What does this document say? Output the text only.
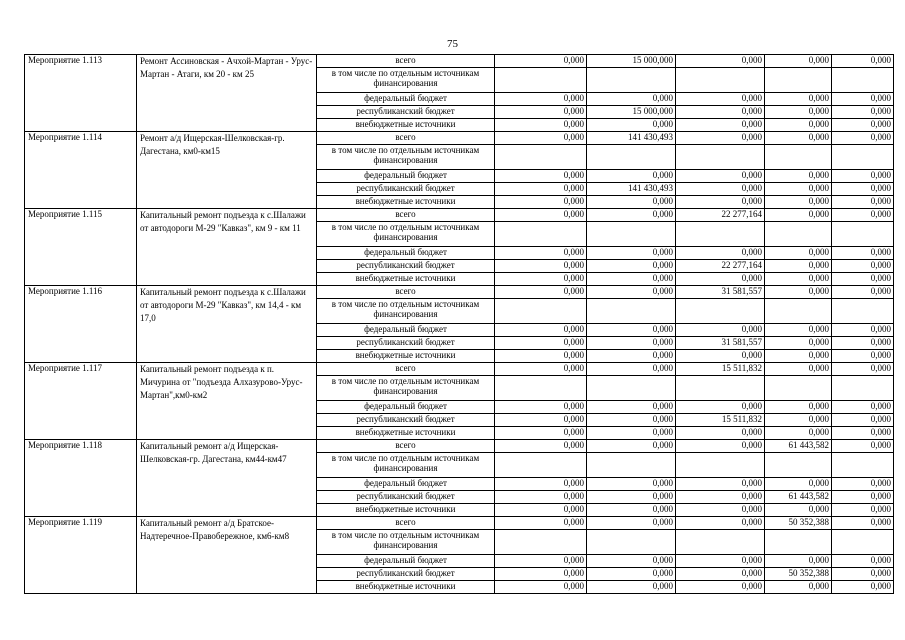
75
Мероприятие 1.113	Ремонт Ассиновская - Ачхой-Мартан - Урус-Мартан - Атаги, км 20 - км 25	всего	0,000	15 000,000	0,000	0,000	0,000
		в том числе по отдельным источникам финансирования					
		федеральный бюджет	0,000	0,000	0,000	0,000	0,000
		республиканский бюджет	0,000	15 000,000	0,000	0,000	0,000
		внебюджетные источники	0,000	0,000	0,000	0,000	0,000
Мероприятие 1.114	Ремонт а/д Ищерская-Шелковская-гр. Дагестана, км0-км15	всего	0,000	141 430,493	0,000	0,000	0,000
		в том числе по отдельным источникам финансирования					
		федеральный бюджет	0,000	0,000	0,000	0,000	0,000
		республиканский бюджет	0,000	141 430,493	0,000	0,000	0,000
		внебюджетные источники	0,000	0,000	0,000	0,000	0,000
Мероприятие 1.115	Капитальный ремонт подъезда к с.Шалажи от автодороги М-29 "Кавказ", км 9 - км 11	всего	0,000	0,000	22 277,164	0,000	0,000
		в том числе по отдельным источникам финансирования					
		федеральный бюджет	0,000	0,000	0,000	0,000	0,000
		республиканский бюджет	0,000	0,000	22 277,164	0,000	0,000
		внебюджетные источники	0,000	0,000	0,000	0,000	0,000
Мероприятие 1.116	Капитальный ремонт подъезда к с.Шалажи от автодороги М-29 "Кавказ", км 14,4 - км 17,0	всего	0,000	0,000	31 581,557	0,000	0,000
		в том числе по отдельным источникам финансирования					
		федеральный бюджет	0,000	0,000	0,000	0,000	0,000
		республиканский бюджет	0,000	0,000	31 581,557	0,000	0,000
		внебюджетные источники	0,000	0,000	0,000	0,000	0,000
Мероприятие 1.117	Капитальный ремонт подъезда к п. Мичурина от "подъезда Алхазурово-Урус-Мартан",км0-км2	всего	0,000	0,000	15 511,832	0,000	0,000
		в том числе по отдельным источникам финансирования					
		федеральный бюджет	0,000	0,000	0,000	0,000	0,000
		республиканский бюджет	0,000	0,000	15 511,832	0,000	0,000
		внебюджетные источники	0,000	0,000	0,000	0,000	0,000
Мероприятие 1.118	Капитальный ремонт а/д Ищерская-Шелковская-гр. Дагестана, км44-км47	всего	0,000	0,000	0,000	61 443,582	0,000
		в том числе по отдельным источникам финансирования					
		федеральный бюджет	0,000	0,000	0,000	0,000	0,000
		республиканский бюджет	0,000	0,000	0,000	61 443,582	0,000
		внебюджетные источники	0,000	0,000	0,000	0,000	0,000
Мероприятие 1.119	Капитальный ремонт а/д Братское-Надтеречное-Правобережное, км6-км8	всего	0,000	0,000	0,000	50 352,388	0,000
		в том числе по отдельным источникам финансирования					
		федеральный бюджет	0,000	0,000	0,000	0,000	0,000
		республиканский бюджет	0,000	0,000	0,000	50 352,388	0,000
		внебюджетные источники	0,000	0,000	0,000	0,000	0,000
